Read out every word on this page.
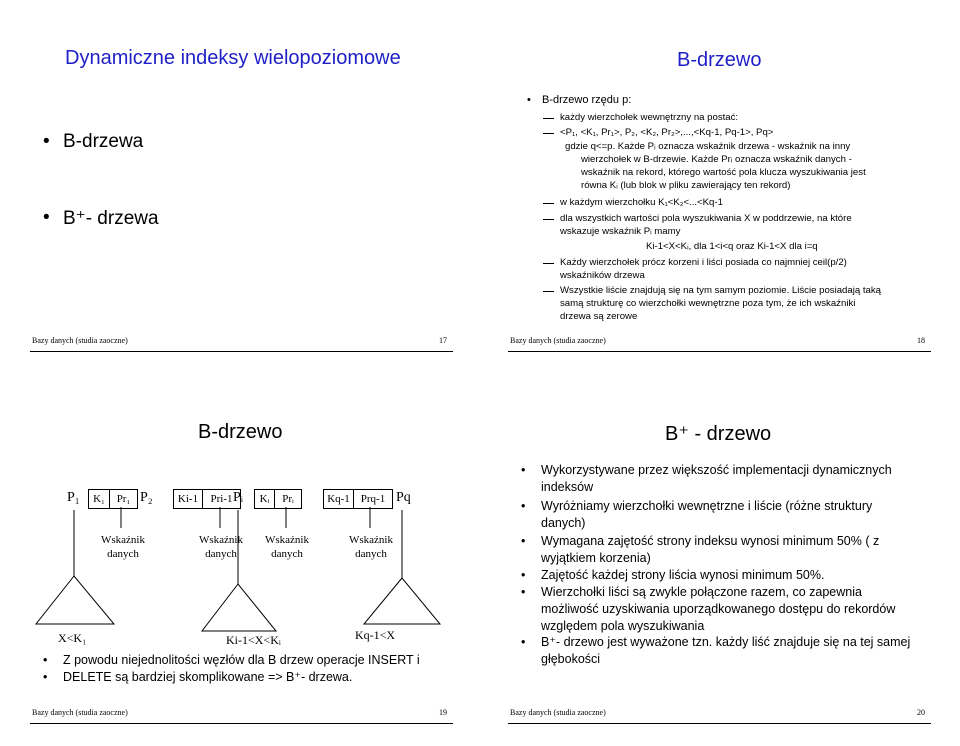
Dynamiczne indeksy wielopoziomowe
• B-drzewa
• B⁺- drzewa
Bazy danych (studia zaoczne)	17
B-drzewo
• B-drzewo rzędu p:
każdy wierzchołek wewnętrzny na postać:
<P₁, <K₁, Pr₁>, P₂, <K₂, Pr₂>,...,<Kq-1, Pq-1>, Pq>
gdzie q<=p. Każde Pᵢ oznacza wskaźnik drzewa - wskaźnik na inny
wierzchołek w B-drzewie. Każde Prᵢ oznacza wskaźnik danych -
wskaźnik na rekord, którego wartość pola klucza wyszukiwania jest
równa Kᵢ (lub blok w pliku zawierający ten rekord)
w każdym wierzchołku K₁<K₂<...<Kq-1
dla wszystkich wartości pola wyszukiwania X w poddrzewie, na które
wskazuje wskaźnik Pᵢ mamy
Ki-1<X<Kᵢ, dla 1<i<q oraz Ki-1<X dla i=q
Każdy wierzchołek prócz korzeni i liści posiada co najmniej ceil(p/2)
wskaźników drzewa
Wszystkie liście znajdują się na tym samym poziomie. Liście posiadają taką
samą strukturę co wierzchołki wewnętrzne poza tym, że ich wskaźniki
drzewa są zerowe
Bazy danych (studia zaoczne)	18
B-drzewo
P₁	K₁	Pr₁ P₂	Ki-1	Pri-1 Pᵢ	Kᵢ	Prᵢ	Kq-1 Prq-1 Pq
Wskaźnik
danych
Wskaźnik
danych
Wskaźnik
danych
Wskaźnik
danych
X<K₁	Ki-1<X<Kᵢ	Kq-1<X
• Z powodu niejednolitości węzłów dla B drzew operacje INSERT i
• DELETE są bardziej skomplikowane => B⁺- drzewa.
Bazy danych (studia zaoczne)	19
B⁺ - drzewo
• Wykorzystywane przez większość implementacji dynamicznych
indeksów
• Wyróżniamy wierzchołki wewnętrzne i liście (różne struktury
danych)
• Wymagana zajętość strony indeksu wynosi minimum 50% ( z
wyjątkiem korzenia)
• Zajętość każdej strony liścia wynosi minimum 50%.
• Wierzchołki liści są zwykle połączone razem, co zapewnia
możliwość uzyskiwania uporządkowanego dostępu do rekordów
względem pola wyszukiwania
• B⁺- drzewo jest wyważone tzn. każdy liść znajduje się na tej samej
głębokości
Bazy danych (studia zaoczne)	20
